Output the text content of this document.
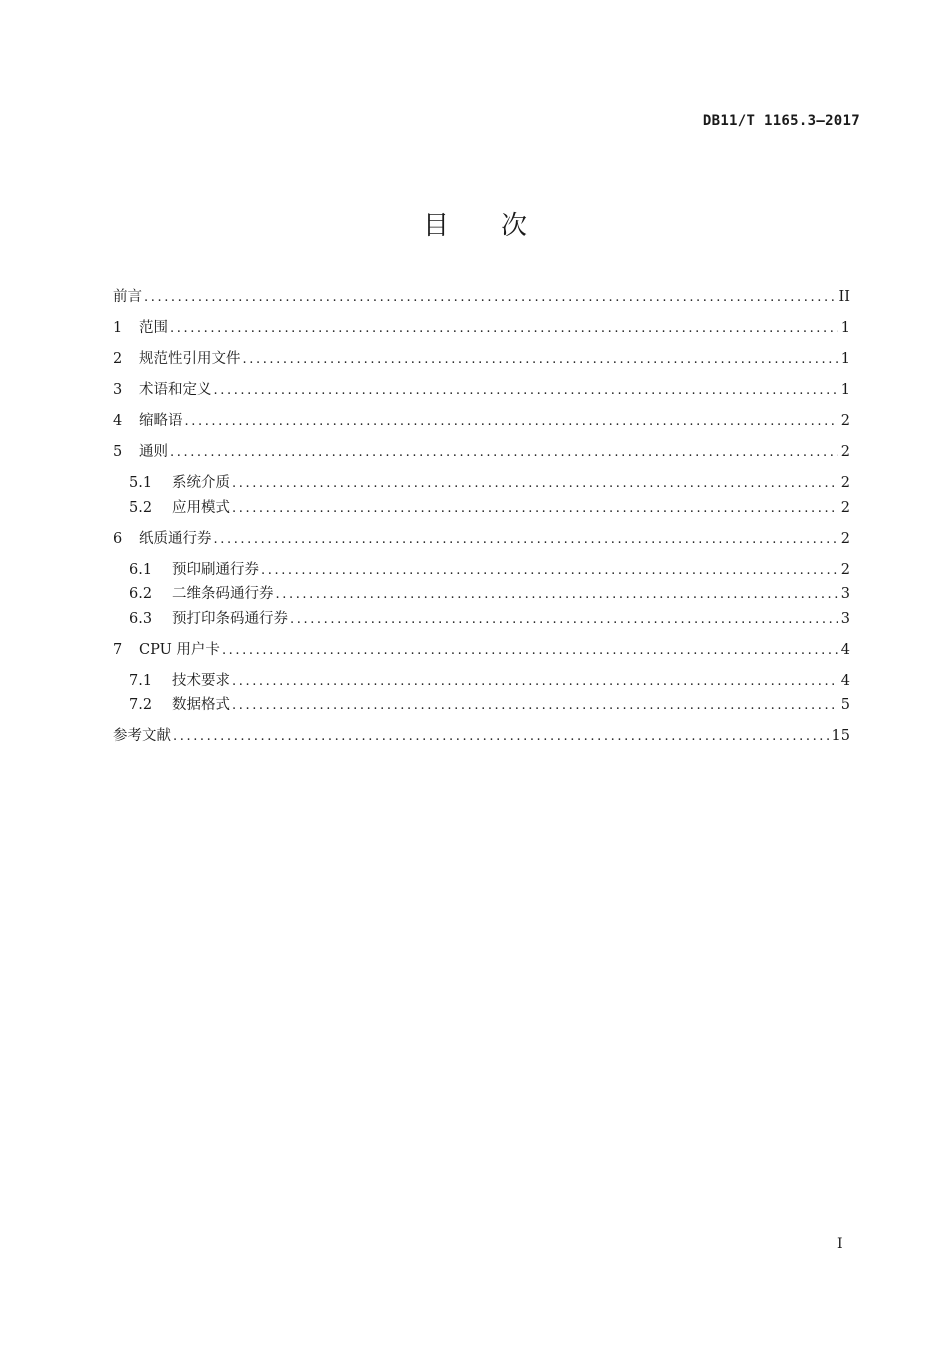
DB11/T 1165.3—2017
目　　次
前言 .....	II
1	范围 .....	1
2	规范性引用文件 .....	1
3	术语和定义 .....	1
4	缩略语 .....	2
5	通则 .....	2
5.1	系统介质 .....	2
5.2	应用模式 .....	2
6	纸质通行券 .....	2
6.1	预印刷通行券 .....	2
6.2	二维条码通行券 .....	3
6.3	预打印条码通行券 .....	3
7	CPU 用户卡 .....	4
7.1	技术要求 .....	4
7.2	数据格式 .....	5
参考文献 .....	15
I
